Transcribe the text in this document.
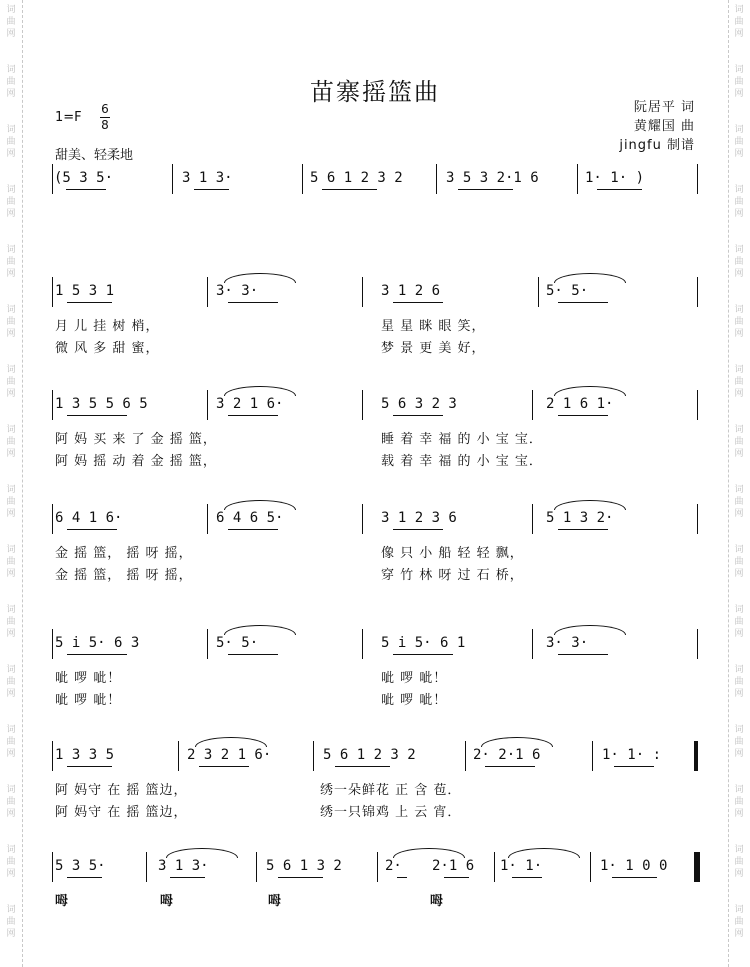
词
曲
网
词
曲
网
词
曲
网
词
曲
网
词
曲
网
词
曲
网
词
曲
网
词
曲
网
词
曲
网
词
曲
网
词
曲
网
词
曲
网
词
曲
网
词
曲
网
词
曲
网
词
曲
网
词
曲
网
词
曲
网
词
曲
网
词
曲
网
词
曲
网
词
曲
网
词
曲
网
词
曲
网
词
曲
网
词
曲
网
词
曲
网
词
曲
网
词
曲
网
词
曲
网
词
曲
网
词
曲
网
苗寨摇篮曲
1=F
6
8
甜美、轻柔地
阮居平 词
黄耀国 曲
jingfu 制谱
(5 3 5·	3 1 3·	5 6 1 2 3 2	3 5 3 2·1 6	1· 1· )
1 5 3 1	3· 3·	3 1 2 6	5· 5·
月 儿 挂 树 梢，	星 星 眯 眼 笑，
微 风 多 甜 蜜，	梦 景 更 美 好，
1 3 5 5 6 5	3 2 1 6·	5 6 3 2 3	2 1 6 1·
阿 妈 买 来 了 金 摇 篮，	睡 着 幸 福 的 小 宝 宝．
阿 妈 摇 动 着 金 摇 篮，	载 着 幸 福 的 小 宝 宝．
6 4 1 6·	6 4 6 5·	3 1 2 3 6	5 1 3 2·
金 摇 篮， 摇 呀 摇，	像 只 小 船 轻 轻 飘，
金 摇 篮， 摇 呀 摇，	穿 竹 林 呀 过 石 桥，
5 i 5· 6 3	5· 5·	5 i 5· 6 1	3· 3·
呲 啰 呲！	呲 啰 呲！
呲 啰 呲！	呲 啰 呲！
1 3 3 5	2 3 2 1 6·	5 6 1 2 3 2	2· 2·1 6	1· 1· :
阿 妈守 在 摇 篮边，	绣一朵鲜花 正 含 苞．
阿 妈守 在 摇 篮边，	绣一只锦鸡 上 云 宵．
5 3 5·	3 1 3·	5 6 1 3 2	2· 2·1 6 1· 1·	1· 1 0 0
呣	呣	呣	呣
